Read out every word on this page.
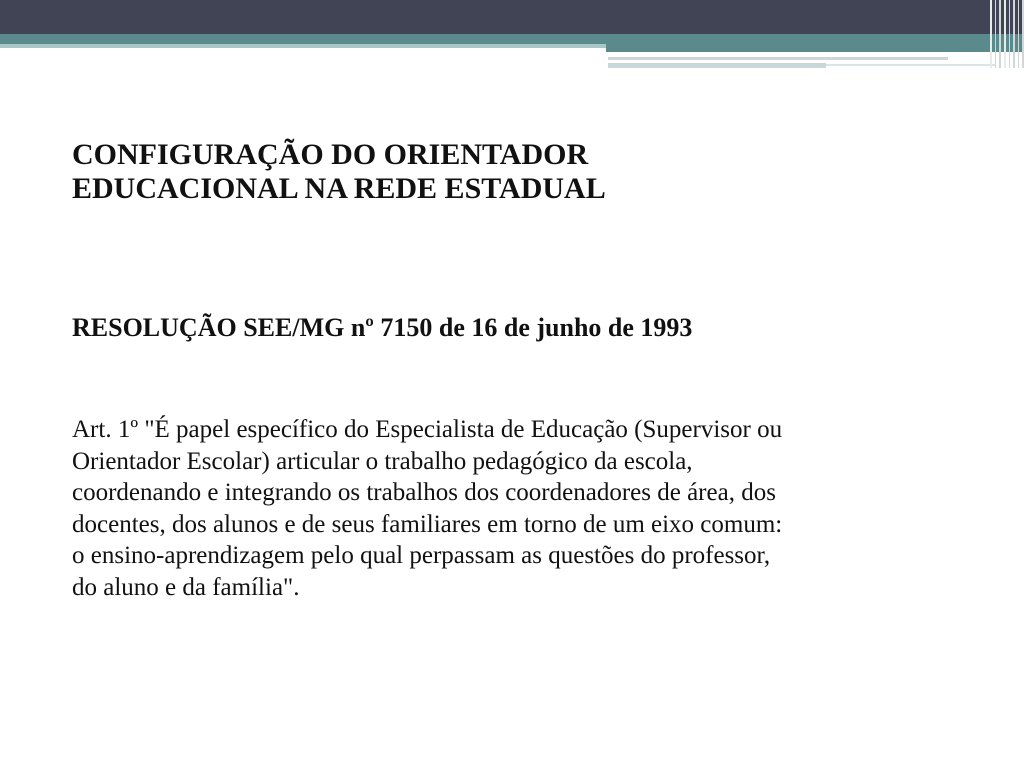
CONFIGURAÇÃO DO ORIENTADOR
EDUCACIONAL NA REDE ESTADUAL
RESOLUÇÃO SEE/MG nº 7150 de 16 de junho de 1993

Art. 1º "É papel específico do Especialista de Educação (Supervisor ou
Orientador Escolar) articular o trabalho pedagógico da escola,
coordenando e integrando os trabalhos dos coordenadores de área, dos
docentes, dos alunos e de seus familiares em torno de um eixo comum:
o ensino-aprendizagem pelo qual perpassam as questões do professor,
do aluno e da família".
